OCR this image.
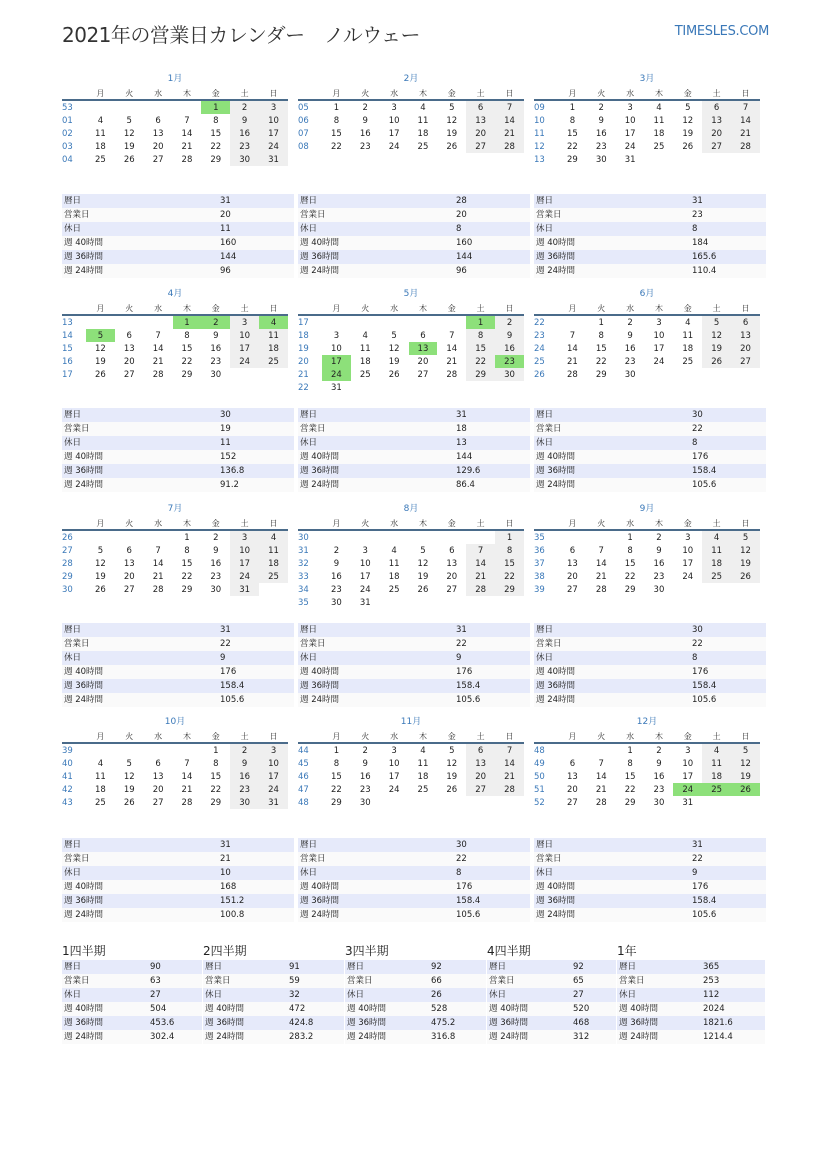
2021年の営業日カレンダー　ノルウェー	TIMESLES.COM
1月
	月	火	水	木	金	土	日
53					1	2	3
01	4	5	6	7	8	9	10
02	11	12	13	14	15	16	17
03	18	19	20	21	22	23	24
04	25	26	27	28	29	30	31
暦日	31
営業日	20
休日	11
週 40時間	160
週 36時間	144
週 24時間	96
2月
	月	火	水	木	金	土	日
05	1	2	3	4	5	6	7
06	8	9	10	11	12	13	14
07	15	16	17	18	19	20	21
08	22	23	24	25	26	27	28
暦日	28
営業日	20
休日	8
週 40時間	160
週 36時間	144
週 24時間	96
3月
	月	火	水	木	金	土	日
09	1	2	3	4	5	6	7
10	8	9	10	11	12	13	14
11	15	16	17	18	19	20	21
12	22	23	24	25	26	27	28
13	29	30	31				
暦日	31
営業日	23
休日	8
週 40時間	184
週 36時間	165.6
週 24時間	110.4
4月
	月	火	水	木	金	土	日
13				1	2	3	4
14	5	6	7	8	9	10	11
15	12	13	14	15	16	17	18
16	19	20	21	22	23	24	25
17	26	27	28	29	30		
暦日	30
営業日	19
休日	11
週 40時間	152
週 36時間	136.8
週 24時間	91.2
5月
	月	火	水	木	金	土	日
17						1	2
18	3	4	5	6	7	8	9
19	10	11	12	13	14	15	16
20	17	18	19	20	21	22	23
21	24	25	26	27	28	29	30
22	31						
暦日	31
営業日	18
休日	13
週 40時間	144
週 36時間	129.6
週 24時間	86.4
6月
	月	火	水	木	金	土	日
22		1	2	3	4	5	6
23	7	8	9	10	11	12	13
24	14	15	16	17	18	19	20
25	21	22	23	24	25	26	27
26	28	29	30				
暦日	30
営業日	22
休日	8
週 40時間	176
週 36時間	158.4
週 24時間	105.6
7月
	月	火	水	木	金	土	日
26				1	2	3	4
27	5	6	7	8	9	10	11
28	12	13	14	15	16	17	18
29	19	20	21	22	23	24	25
30	26	27	28	29	30	31	
暦日	31
営業日	22
休日	9
週 40時間	176
週 36時間	158.4
週 24時間	105.6
8月
	月	火	水	木	金	土	日
30							1
31	2	3	4	5	6	7	8
32	9	10	11	12	13	14	15
33	16	17	18	19	20	21	22
34	23	24	25	26	27	28	29
35	30	31					
暦日	31
営業日	22
休日	9
週 40時間	176
週 36時間	158.4
週 24時間	105.6
9月
	月	火	水	木	金	土	日
35			1	2	3	4	5
36	6	7	8	9	10	11	12
37	13	14	15	16	17	18	19
38	20	21	22	23	24	25	26
39	27	28	29	30			
暦日	30
営業日	22
休日	8
週 40時間	176
週 36時間	158.4
週 24時間	105.6
10月
	月	火	水	木	金	土	日
39					1	2	3
40	4	5	6	7	8	9	10
41	11	12	13	14	15	16	17
42	18	19	20	21	22	23	24
43	25	26	27	28	29	30	31
暦日	31
営業日	21
休日	10
週 40時間	168
週 36時間	151.2
週 24時間	100.8
11月
	月	火	水	木	金	土	日
44	1	2	3	4	5	6	7
45	8	9	10	11	12	13	14
46	15	16	17	18	19	20	21
47	22	23	24	25	26	27	28
48	29	30					
暦日	30
営業日	22
休日	8
週 40時間	176
週 36時間	158.4
週 24時間	105.6
12月
	月	火	水	木	金	土	日
48			1	2	3	4	5
49	6	7	8	9	10	11	12
50	13	14	15	16	17	18	19
51	20	21	22	23	24	25	26
52	27	28	29	30	31		
暦日	31
営業日	22
休日	9
週 40時間	176
週 36時間	158.4
週 24時間	105.6
1四半期
暦日	90
営業日	63
休日	27
週 40時間	504
週 36時間	453.6
週 24時間	302.4
2四半期
暦日	91
営業日	59
休日	32
週 40時間	472
週 36時間	424.8
週 24時間	283.2
3四半期
暦日	92
営業日	66
休日	26
週 40時間	528
週 36時間	475.2
週 24時間	316.8
4四半期
暦日	92
営業日	65
休日	27
週 40時間	520
週 36時間	468
週 24時間	312
1年
暦日	365
営業日	253
休日	112
週 40時間	2024
週 36時間	1821.6
週 24時間	1214.4
